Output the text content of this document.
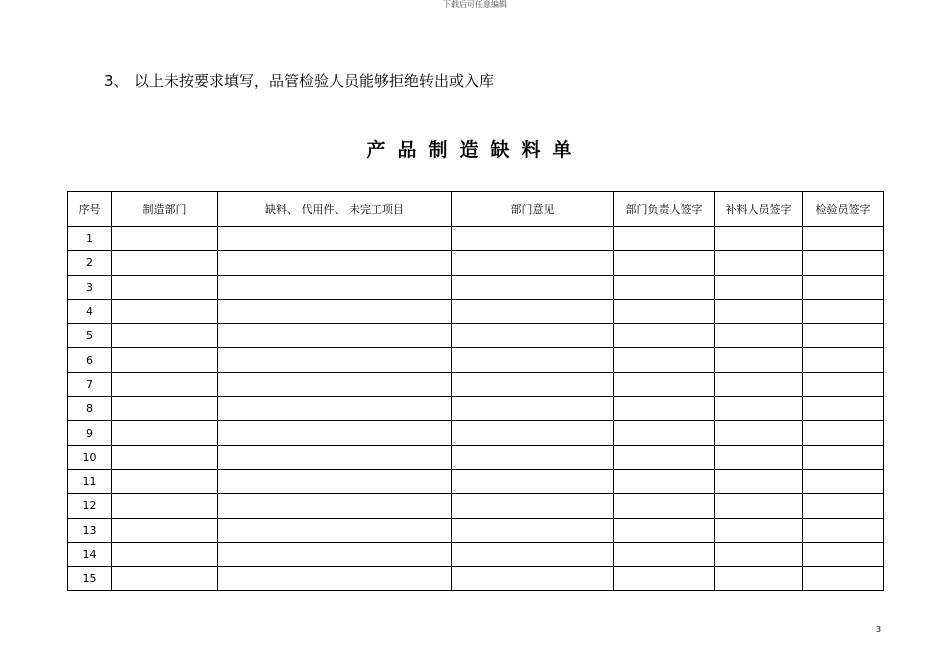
下载后可任意编辑
3、 以上未按要求填写，品管检验人员能够拒绝转出或入库
产品制造缺料单
序号	制造部门	缺料、 代用件、 未完工项目	部门意见	部门负责人签字	补料人员签字	检验员签字
1						
2						
3						
4						
5						
6						
7						
8						
9						
10						
11						
12						
13						
14						
15						
3
